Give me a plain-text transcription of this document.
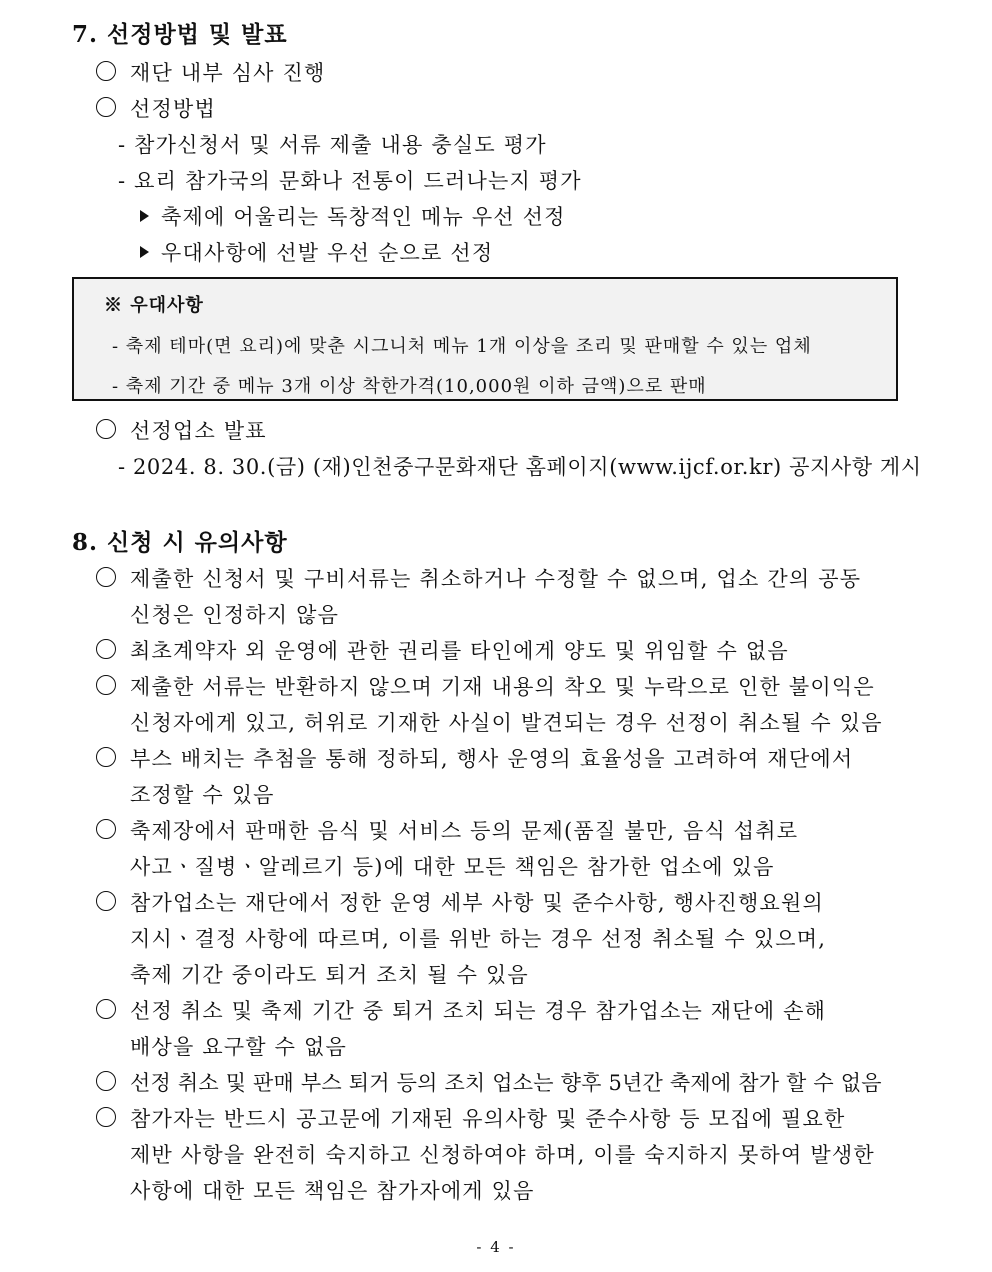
7. 선정방법 및 발표
재단 내부 심사 진행
선정방법
- 참가신청서 및 서류 제출 내용 충실도 평가
- 요리 참가국의 문화나 전통이 드러나는지 평가
축제에 어울리는 독창적인 메뉴 우선 선정
우대사항에 선발 우선 순으로 선정
※ 우대사항
- 축제 테마(면 요리)에 맞춘 시그니처 메뉴 1개 이상을 조리 및 판매할 수 있는 업체
- 축제 기간 중 메뉴 3개 이상 착한가격(10,000원 이하 금액)으로 판매
선정업소 발표
- 2024. 8. 30.(금) (재)인천중구문화재단 홈페이지(www.ijcf.or.kr) 공지사항 게시
8. 신청 시 유의사항
제출한 신청서 및 구비서류는 취소하거나 수정할 수 없으며, 업소 간의 공동
신청은 인정하지 않음
최초계약자 외 운영에 관한 권리를 타인에게 양도 및 위임할 수 없음
제출한 서류는 반환하지 않으며 기재 내용의 착오 및 누락으로 인한 불이익은
신청자에게 있고, 허위로 기재한 사실이 발견되는 경우 선정이 취소될 수 있음
부스 배치는 추첨을 통해 정하되, 행사 운영의 효율성을 고려하여 재단에서
조정할 수 있음
축제장에서 판매한 음식 및 서비스 등의 문제(품질 불만, 음식 섭취로
사고ㆍ질병ㆍ알레르기 등)에 대한 모든 책임은 참가한 업소에 있음
참가업소는 재단에서 정한 운영 세부 사항 및 준수사항, 행사진행요원의
지시ㆍ결정 사항에 따르며, 이를 위반 하는 경우 선정 취소될 수 있으며,
축제 기간 중이라도 퇴거 조치 될 수 있음
선정 취소 및 축제 기간 중 퇴거 조치 되는 경우 참가업소는 재단에 손해
배상을 요구할 수 없음
선정 취소 및 판매 부스 퇴거 등의 조치 업소는 향후 5년간 축제에 참가 할 수 없음
참가자는 반드시 공고문에 기재된 유의사항 및 준수사항 등 모집에 필요한
제반 사항을 완전히 숙지하고 신청하여야 하며, 이를 숙지하지 못하여 발생한
사항에 대한 모든 책임은 참가자에게 있음
- 4 -
